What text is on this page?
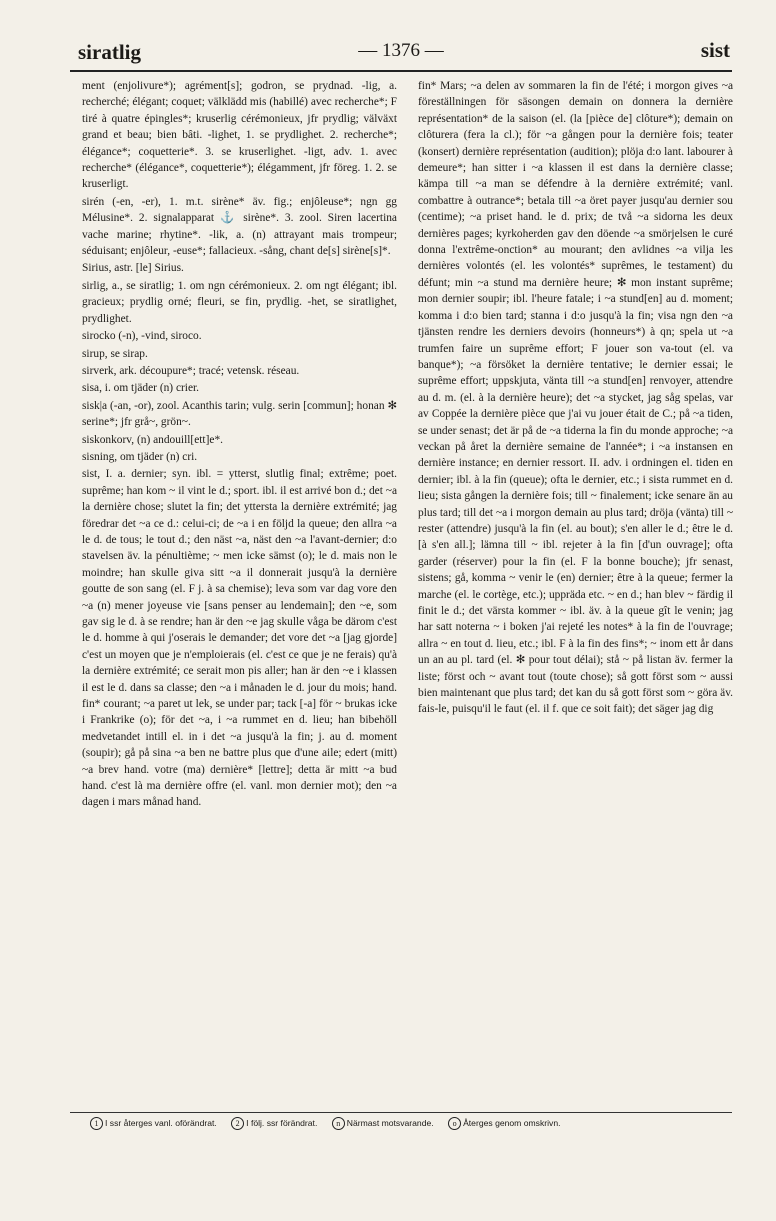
siratlig	— 1376 —	sist

ment (enjolivure*); agrément[s]; godron, se prydnad. -lig, a. recherché; élégant; coquet; välklädd mis (habillé) avec recherche*; F tiré à quatre épingles*; kruserlig cérémonieux, jfr prydlig; välväxt grand et beau; bien bâti. -lighet, 1. se prydlighet. 2. recherche*; élégance*; coquetterie*. 3. se kruserlighet. -ligt, adv. 1. avec recherche* (élégance*, coquetterie*); élégamment, jfr föreg. 1. 2. se kruserligt.

sirén (-en, -er), 1. m.t. sirène* äv. fig.; enjôleuse*; ngn gg Mélusine*. 2. signalapparat ⚓ sirène*. 3. zool. Siren lacertina vache marine; rhytine*. -lik, a. (n) attrayant mais trompeur; séduisant; enjôleur, -euse*; fallacieux. -sång, chant de[s] sirène[s]*.

Sirius, astr. [le] Sirius.

sirlig, a., se siratlig; 1. om ngn cérémonieux. 2. om ngt élégant; ibl. gracieux; prydlig orné; fleuri, se fin, prydlig. -het, se siratlighet, prydlighet.

sirocko (-n), -vind, siroco.

sirup, se sirap.

sirverk, ark. découpure*; tracé; vetensk. réseau.

sisa, i. om tjäder (n) crier.

sisk|a (-an, -or), zool. Acanthis tarin; vulg. serin [commun]; honan ✻ serine*; jfr grå~, grön~.

siskonkorv, (n) andouill[ett]e*.

sisning, om tjäder (n) cri.

sist, I. a. dernier; syn. ibl. = ytterst, slutlig final; extrême; poet. suprême; han kom ~ il vint le d.; sport. ibl. il est arrivé bon d.; det ~a la dernière chose; slutet la fin; det yttersta la dernière extrémité; jag föredrar det ~a ce d.: celui-ci; de ~a i en följd la queue; den allra ~a le d. de tous; le tout d.; den näst ~a, näst den ~a l'avant-dernier; d:o stavelsen äv. la pénultième; ~ men icke sämst (o); le d. mais non le moindre; han skulle giva sitt ~a il donnerait jusqu'à la dernière goutte de son sang (el. F j. à sa chemise); leva som var dag vore den ~a (n) mener joyeuse vie [sans penser au lendemain]; den ~e, som gav sig le d. à se rendre; han är den ~e jag skulle våga be därom c'est le d. homme à qui j'oserais le demander; det vore det ~a [jag gjorde] c'est un moyen que je n'emploierais (el. c'est ce que je ne ferais) qu'à la dernière extrémité; ce serait mon pis aller; han är den ~e i klassen il est le d. dans sa classe; den ~a i månaden le d. jour du mois; hand. fin* courant; ~a paret ut lek, se under par; tack [-a] för ~ brukas icke i Frankrike (o); för det ~a, i ~a rummet en d. lieu; han bibehöll medvetandet intill el. in i det ~a jusqu'à la fin; j. au d. moment (soupir); gå på sina ~a ben ne battre plus que d'une aile; edert (mitt) ~a brev hand. votre (ma) dernière* [lettre]; detta är mitt ~a bud hand. c'est là ma dernière offre (el. vanl. mon dernier mot); den ~a dagen i mars månad hand.

fin* Mars; ~a delen av sommaren la fin de l'été; i morgon gives ~a föreställningen för säsongen demain on donnera la dernière représentation* de la saison (el. (la [pièce de] clôture*); demain on clôturera (fera la cl.); för ~a gången pour la dernière fois; teater (konsert) dernière représentation (audition); plöja d:o lant. labourer à demeure*; han sitter i ~a klassen il est dans la dernière classe; kämpa till ~a man se défendre à la dernière extrémité; vanl. combattre à outrance*; betala till ~a öret payer jusqu'au dernier sou (centime); ~a priset hand. le d. prix; de två ~a sidorna les deux dernières pages; kyrkoherden gav den döende ~a smörjelsen le curé donna l'extrême-onction* au mourant; den avlidnes ~a vilja les dernières volontés (el. les volontés* suprêmes, le testament) du défunt; min ~a stund ma dernière heure; ✻ mon instant suprême; mon dernier soupir; ibl. l'heure fatale; i ~a stund[en] au d. moment; komma i d:o bien tard; stanna i d:o jusqu'à la fin; visa ngn den ~a tjänsten rendre les derniers devoirs (honneurs*) à qn; spela ut ~a trumfen faire un suprême effort; F jouer son va-tout (el. va banque*); ~a försöket la dernière tentative; le dernier essai; le suprême effort; uppskjuta, vänta till ~a stund[en] renvoyer, attendre au d. m. (el. à la dernière heure); det ~a stycket, jag såg spelas, var av Coppée la dernière pièce que j'ai vu jouer était de C.; på ~a tiden, se under senast; det är på de ~a tiderna la fin du monde approche; ~a veckan på året la dernière semaine de l'année*; i ~a instansen en dernière instance; en dernier ressort. II. adv. i ordningen el. tiden en dernier; ibl. à la fin (queue); ofta le dernier, etc.; i sista rummet en d. lieu; sista gången la dernière fois; till ~ finalement; icke senare än au plus tard; till det ~a i morgon demain au plus tard; dröja (vänta) till ~ rester (attendre) jusqu'à la fin (el. au bout); s'en aller le d.; être le d. [à s'en all.]; lämna till ~ ibl. rejeter à la fin [d'un ouvrage]; ofta garder (réserver) pour la fin (el. F la bonne bouche); jfr senast, sistens; gå, komma ~ venir le (en) dernier; être à la queue; fermer la marche (el. le cortège, etc.); uppräda etc. ~ en d.; han blev ~ färdig il finit le d.; det värsta kommer ~ ibl. äv. à la queue gît le venin; jag har satt noterna ~ i boken j'ai rejeté les notes* à la fin de l'ouvrage; allra ~ en tout d. lieu, etc.; ibl. F à la fin des fins*; ~ inom ett år dans un an au pl. tard (el. ✻ pour tout délai); stå ~ på listan äv. fermer la liste; först och ~ avant tout (toute chose); så gott först som ~ aussi bien maintenant que plus tard; det kan du så gott först som ~ göra äv. fais-le, puisqu'il le faut (el. il f. que ce soit fait); det säger jag dig

1 I ssr återges vanl. oförändrat. 2 I följ. ssr förändrat. n Närmast motsvarande. o Återges genom omskrivn.
